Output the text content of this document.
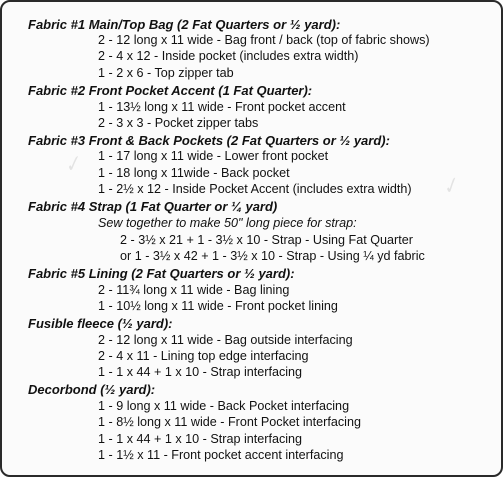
✓
✓
Fabric #1 Main/Top Bag (2 Fat Quarters or ½ yard):
2 - 12 long x 11 wide - Bag front / back (top of fabric shows)
2 - 4 x 12 - Inside pocket (includes extra width)
1 - 2 x 6 - Top zipper tab
Fabric #2 Front Pocket Accent (1 Fat Quarter):
1 - 13½ long x 11 wide - Front pocket accent
2 - 3 x 3 - Pocket zipper tabs
Fabric #3 Front & Back Pockets (2 Fat Quarters or ½ yard):
1 - 17 long x 11 wide - Lower front pocket
1 - 18 long x 11wide - Back pocket
1 - 2½ x 12 - Inside Pocket Accent (includes extra width)
Fabric #4 Strap (1 Fat Quarter or ¼ yard)
Sew together to make 50" long piece for strap:
2 - 3½ x 21 + 1 - 3½ x 10 - Strap - Using Fat Quarter
or 1 - 3½ x 42 + 1 - 3½ x 10 - Strap - Using ¼ yd fabric
Fabric #5 Lining (2 Fat Quarters or ½ yard):
2 - 11¾ long x 11 wide - Bag lining
1 - 10½ long x 11 wide - Front pocket lining
Fusible fleece (½ yard):
2 - 12 long x 11 wide - Bag outside interfacing
2 - 4 x 11 - Lining top edge interfacing
1 - 1 x 44 + 1 x 10 - Strap interfacing
Decorbond (½ yard):
1 - 9 long x 11 wide - Back Pocket interfacing
1 - 8½ long x 11 wide - Front Pocket interfacing
1 - 1 x 44 + 1 x 10 - Strap interfacing
1 - 1½ x 11 - Front pocket accent interfacing
